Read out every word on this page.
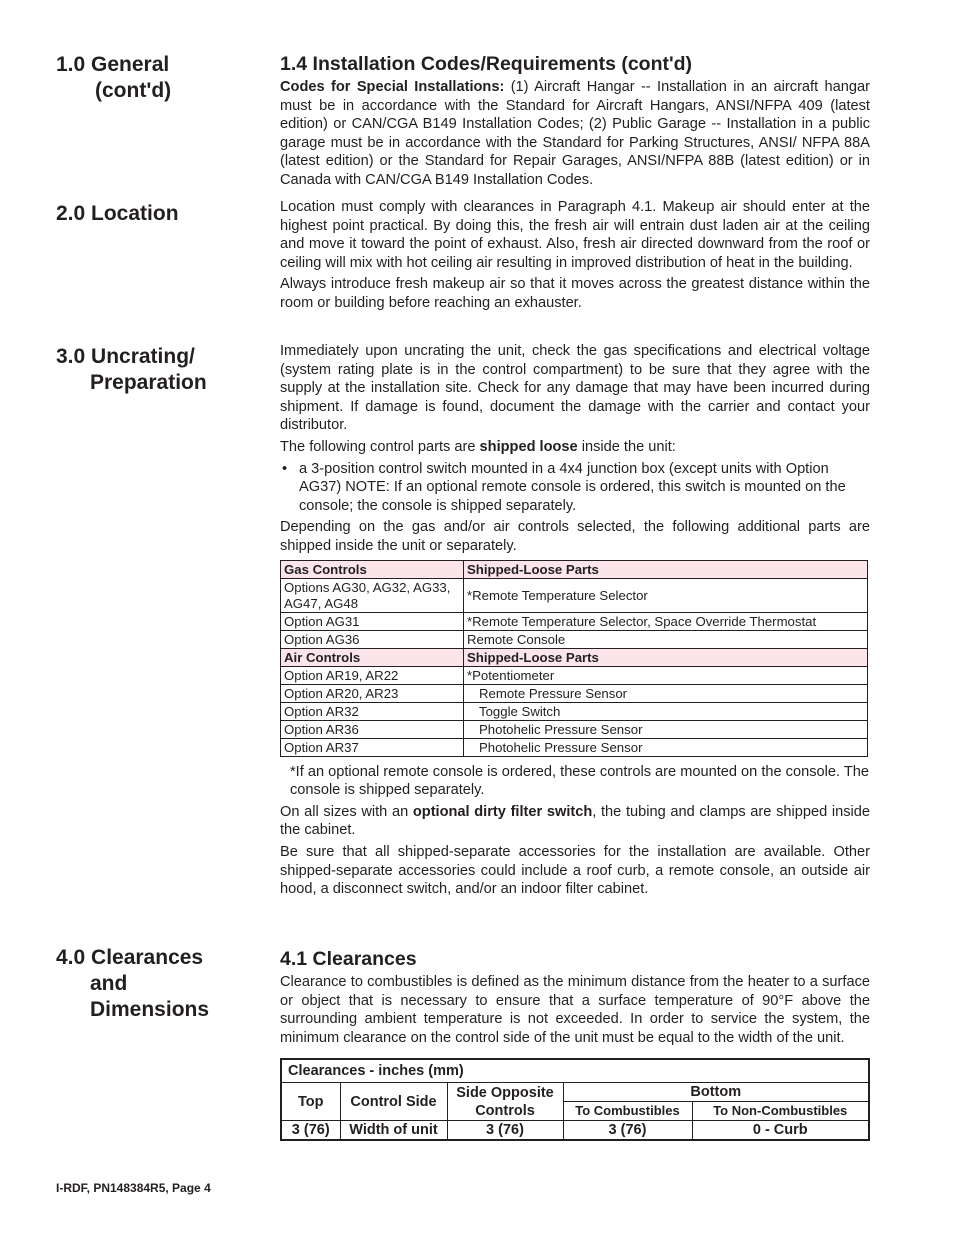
1.0 General
(cont'd)
2.0 Location
3.0 Uncrating/
Preparation
4.0 Clearances
and
Dimensions
1.4 Installation Codes/Requirements (cont'd)

Codes for Special Installations: (1) Aircraft Hangar -- Installation in an aircraft hangar must be in accordance with the Standard for Aircraft Hangars, ANSI/NFPA 409 (latest edition) or CAN/CGA B149 Installation Codes; (2) Public Garage -- Installation in a public garage must be in accordance with the Standard for Parking Structures, ANSI/ NFPA 88A (latest edition) or the Standard for Repair Garages, ANSI/NFPA 88B (latest edition) or in Canada with CAN/CGA B149 Installation Codes.

Location must comply with clearances in Paragraph 4.1. Makeup air should enter at the highest point practical. By doing this, the fresh air will entrain dust laden air at the ceiling and move it toward the point of exhaust. Also, fresh air directed downward from the roof or ceiling will mix with hot ceiling air resulting in improved distribution of heat in the building.

Always introduce fresh makeup air so that it moves across the greatest distance within the room or building before reaching an exhauster.

Immediately upon uncrating the unit, check the gas specifications and electrical voltage (system rating plate is in the control compartment) to be sure that they agree with the supply at the installation site. Check for any damage that may have been incurred during shipment. If damage is found, document the damage with the carrier and contact your distributor.

The following control parts are shipped loose inside the unit:

• a 3-position control switch mounted in a 4x4 junction box (except units with Option AG37) NOTE: If an optional remote console is ordered, this switch is mounted on the console; the console is shipped separately.

Depending on the gas and/or air controls selected, the following additional parts are shipped inside the unit or separately.

Gas Controls	Shipped-Loose Parts
Options AG30, AG32, AG33, AG47, AG48	*Remote Temperature Selector
Option AG31	*Remote Temperature Selector, Space Override Thermostat
Option AG36	Remote Console
Air Controls	Shipped-Loose Parts
Option AR19, AR22	*Potentiometer
Option AR20, AR23	Remote Pressure Sensor
Option AR32	Toggle Switch
Option AR36	Photohelic Pressure Sensor
Option AR37	Photohelic Pressure Sensor

*If an optional remote console is ordered, these controls are mounted on the console. The console is shipped separately.

On all sizes with an optional dirty filter switch, the tubing and clamps are shipped inside the cabinet.

Be sure that all shipped-separate accessories for the installation are available. Other shipped-separate accessories could include a roof curb, a remote console, an outside air hood, a disconnect switch, and/or an indoor filter cabinet.

4.1 Clearances

Clearance to combustibles is defined as the minimum distance from the heater to a surface or object that is necessary to ensure that a surface temperature of 90°F above the surrounding ambient temperature is not exceeded. In order to service the system, the minimum clearance on the control side of the unit must be equal to the width of the unit.

Clearances - inches (mm)				
Top	Control Side	Side Opposite Controls	Bottom	
			To Combustibles	To Non-Combustibles
3 (76)	Width of unit	3 (76)	3 (76)	0 - Curb
I-RDF, PN148384R5, Page 4
